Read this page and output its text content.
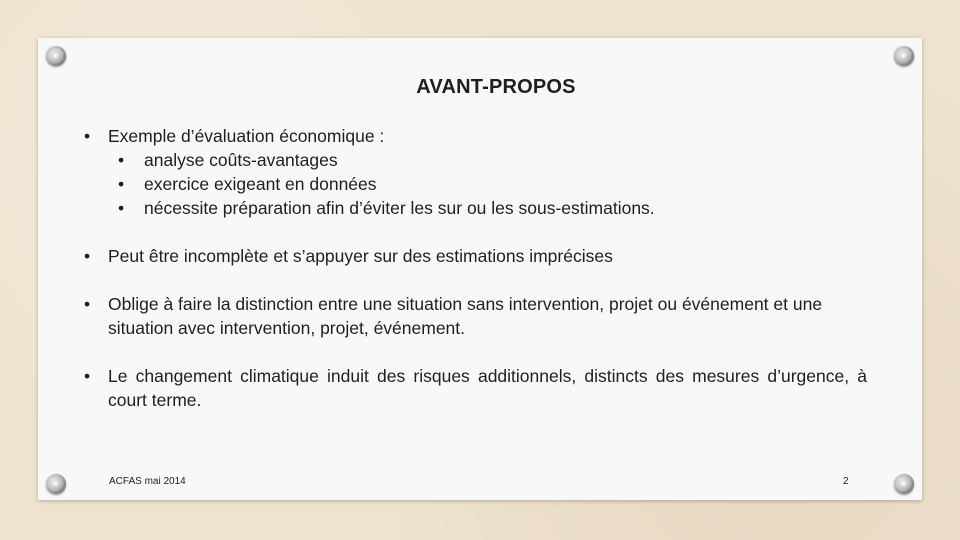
AVANT-PROPOS
•	Exemple d’évaluation économique :
•	analyse coûts-avantages
•	exercice exigeant en données
•	nécessite préparation afin d’éviter les sur ou les sous-estimations.
•	Peut être incomplète et s’appuyer sur des estimations imprécises
•	Oblige à faire la distinction entre une situation sans intervention, projet ou événement et une situation avec intervention, projet, événement.
•	Le changement climatique induit des risques additionnels, distincts des mesures d’urgence, à court terme.
ACFAS mai 2014	2
